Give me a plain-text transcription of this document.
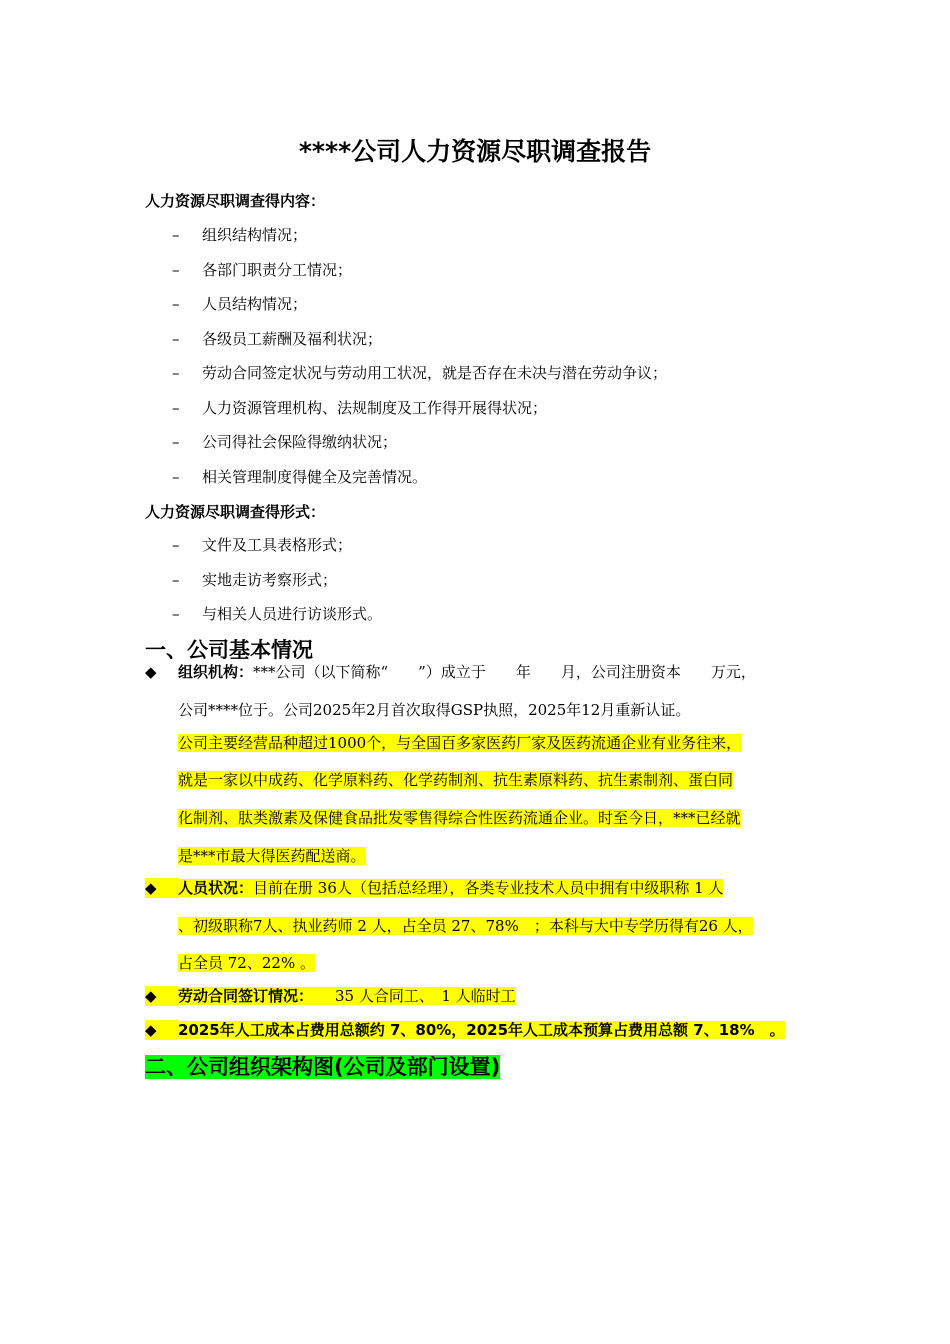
****公司人力资源尽职调查报告
人力资源尽职调查得内容：
– 组织结构情况；
– 各部门职责分工情况；
– 人员结构情况；
– 各级员工薪酬及福利状况；
– 劳动合同签定状况与劳动用工状况，就是否存在未决与潜在劳动争议；
– 人力资源管理机构、法规制度及工作得开展得状况；
– 公司得社会保险得缴纳状况；
– 相关管理制度得健全及完善情况。
人力资源尽职调查得形式：
– 文件及工具表格形式；
– 实地走访考察形式；
– 与相关人员进行访谈形式。
一、公司基本情况
◆ 组织机构：***公司（以下简称“　　”）成立于　　年　　月，公司注册资本　　万元，
公司****位于。公司2025年2月首次取得GSP执照，2025年12月重新认证。
公司主要经营品种超过1000个，与全国百多家医药厂家及医药流通企业有业务往来，
就是一家以中成药、化学原料药、化学药制剂、抗生素原料药、抗生素制剂、蛋白同
化制剂、肽类激素及保健食品批发零售得综合性医药流通企业。时至今日，***已经就
是***市最大得医药配送商。
◆ 人员状况：目前在册 36人（包括总经理），各类专业技术人员中拥有中级职称 1 人
、初级职称7人、执业药师 2 人，占全员 27、78%　；本科与大中专学历得有26 人，
占全员 72、22% 。
◆ 劳动合同签订情况： 35 人合同工、　1 人临时工
◆ 2025年人工成本占费用总额约 7、80%，2025年人工成本预算占费用总额 7、18%　。
二、公司组织架构图(公司及部门设置)
